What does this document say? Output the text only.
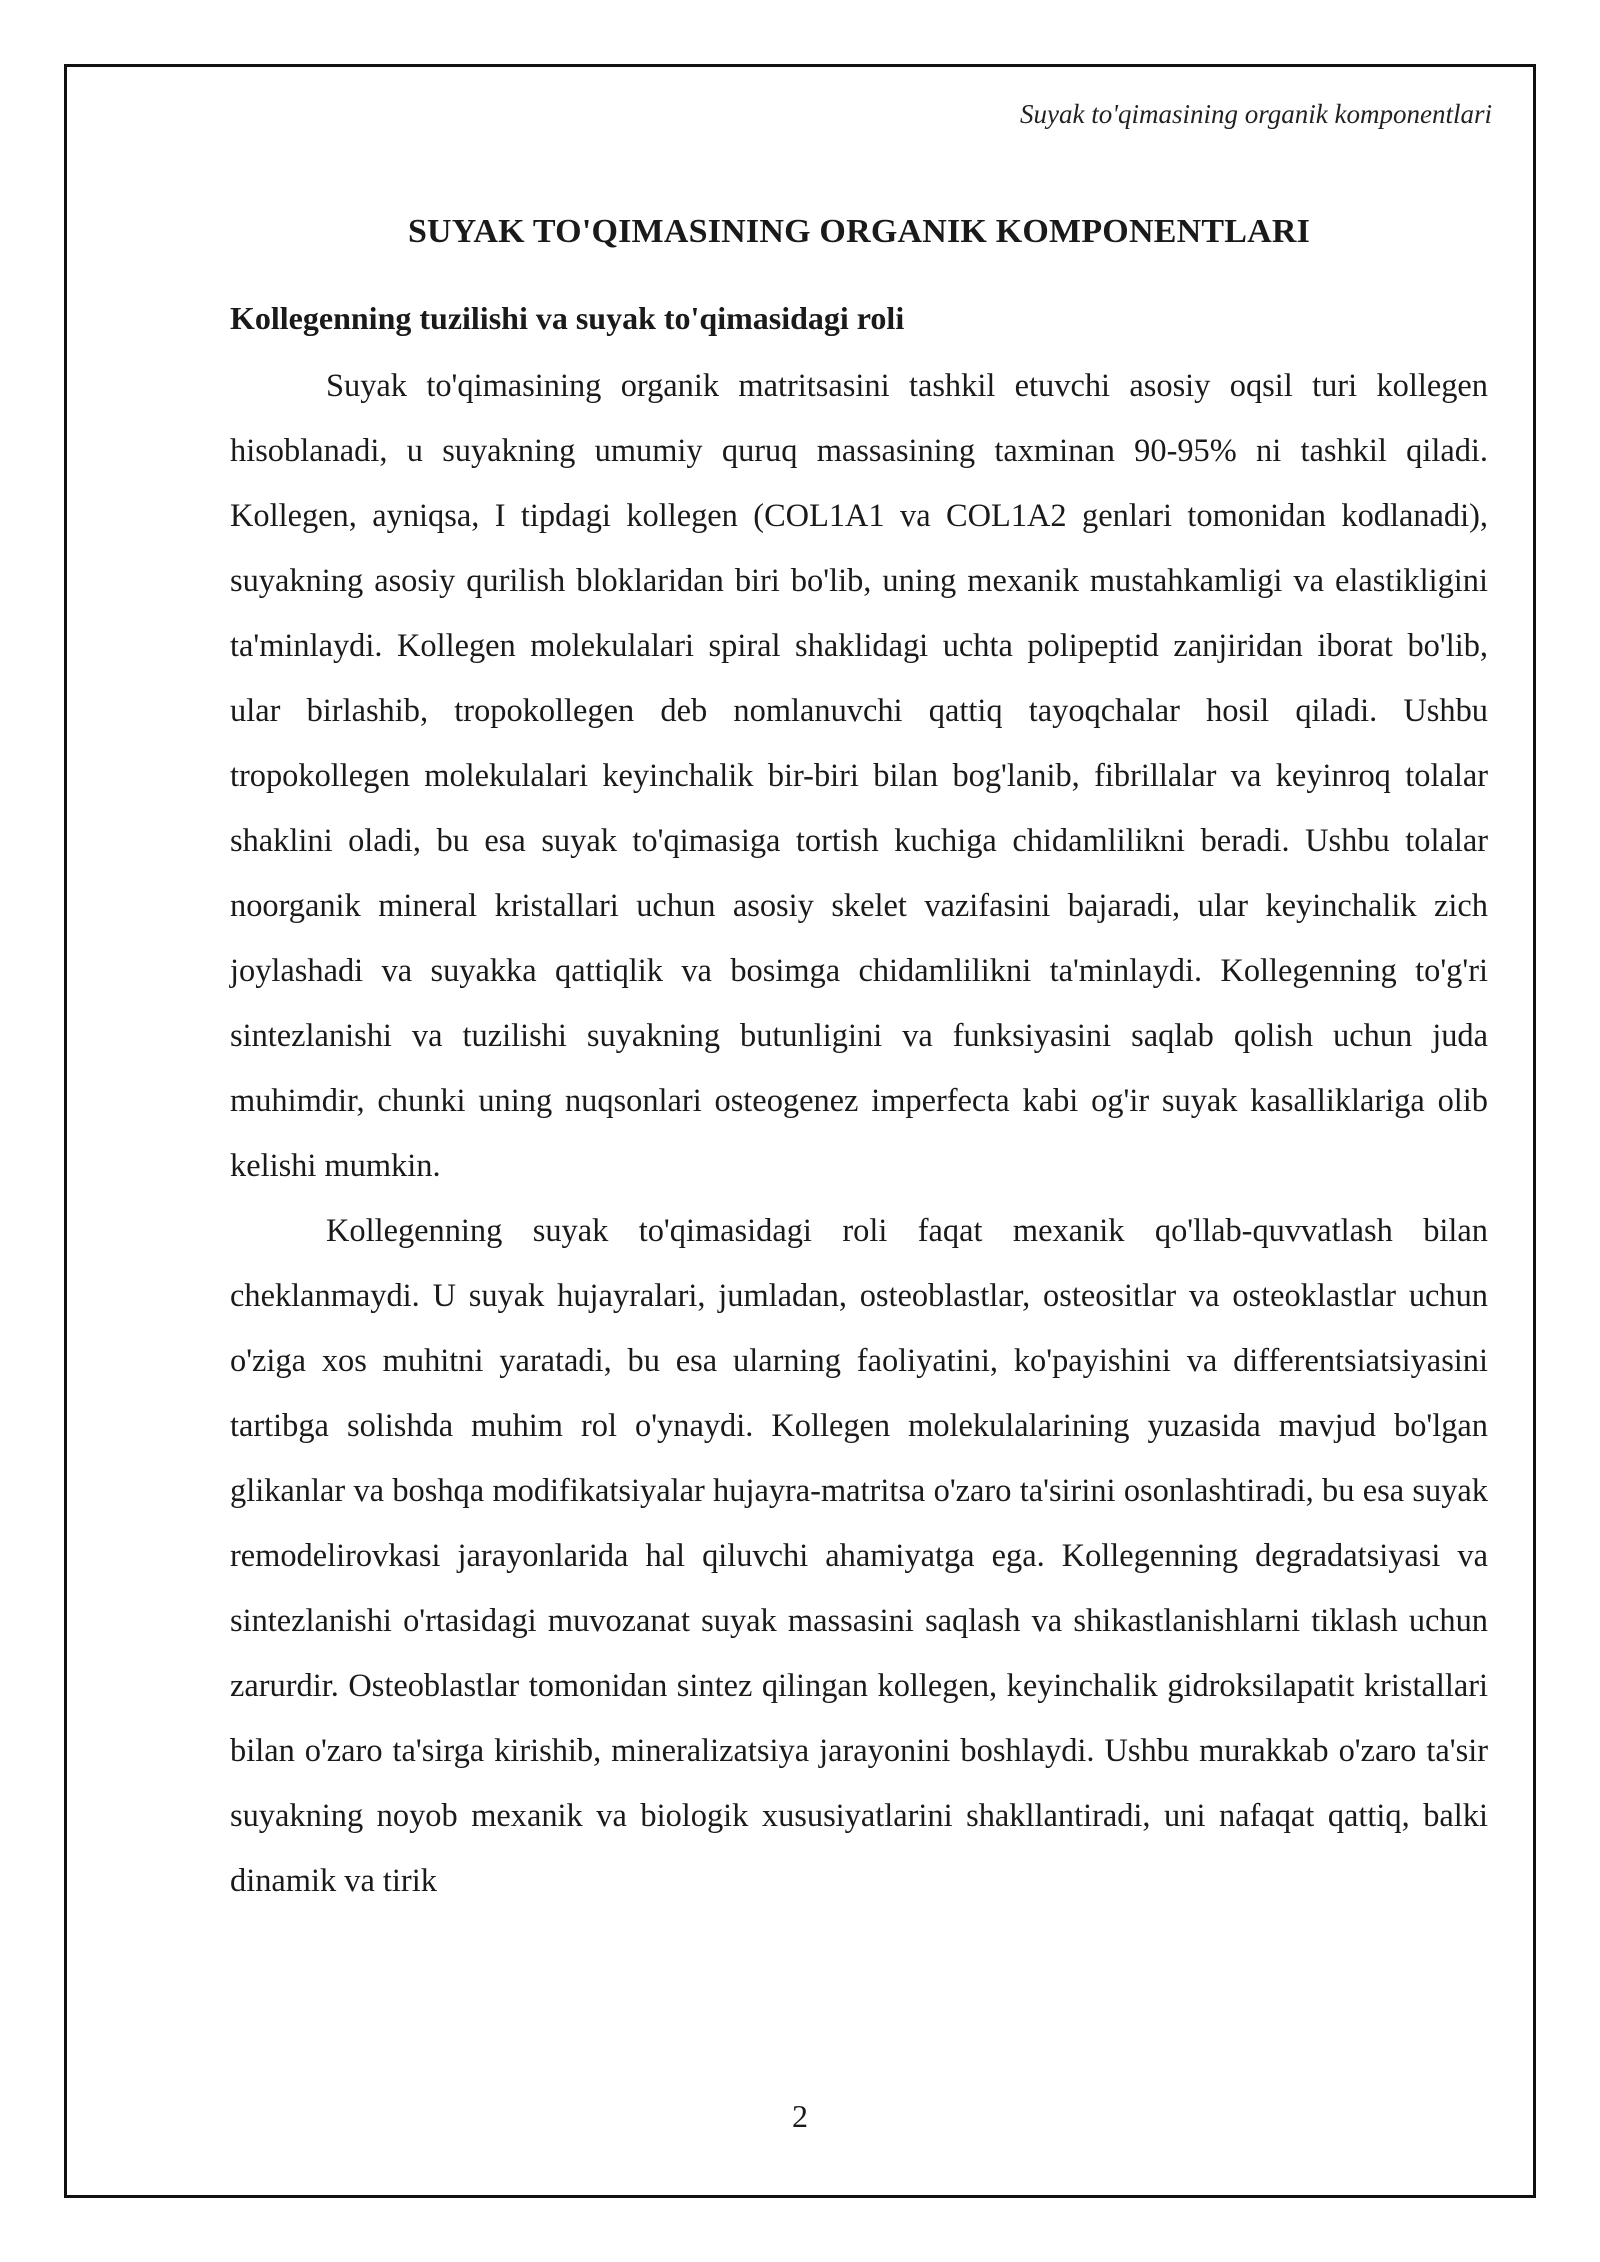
Suyak to'qimasining organik komponentlari
SUYAK TO'QIMASINING ORGANIK KOMPONENTLARI
Kollegenning tuzilishi va suyak to'qimasidagi roli

Suyak to'qimasining organik matritsasini tashkil etuvchi asosiy oqsil turi kollegen hisoblanadi, u suyakning umumiy quruq massasining taxminan 90-95% ni tashkil qiladi. Kollegen, ayniqsa, I tipdagi kollegen (COL1A1 va COL1A2 genlari tomonidan kodlanadi), suyakning asosiy qurilish bloklaridan biri bo'lib, uning mexanik mustahkamligi va elastikligini ta'minlaydi. Kollegen molekulalari spiral shaklidagi uchta polipeptid zanjiridan iborat bo'lib, ular birlashib, tropokollegen deb nomlanuvchi qattiq tayoqchalar hosil qiladi. Ushbu tropokollegen molekulalari keyinchalik bir-biri bilan bog'lanib, fibrillalar va keyinroq tolalar shaklini oladi, bu esa suyak to'qimasiga tortish kuchiga chidamlilikni beradi. Ushbu tolalar noorganik mineral kristallari uchun asosiy skelet vazifasini bajaradi, ular keyinchalik zich joylashadi va suyakka qattiqlik va bosimga chidamlilikni ta'minlaydi. Kollegenning to'g'ri sintezlanishi va tuzilishi suyakning butunligini va funksiyasini saqlab qolish uchun juda muhimdir, chunki uning nuqsonlari osteogenez imperfecta kabi og'ir suyak kasalliklariga olib kelishi mumkin.

Kollegenning suyak to'qimasidagi roli faqat mexanik qo'llab-quvvatlash bilan cheklanmaydi. U suyak hujayralari, jumladan, osteoblastlar, osteositlar va osteoklastlar uchun o'ziga xos muhitni yaratadi, bu esa ularning faoliyatini, ko'payishini va differentsiatsiyasini tartibga solishda muhim rol o'ynaydi. Kollegen molekulalarining yuzasida mavjud bo'lgan glikanlar va boshqa modifikatsiyalar hujayra-matritsa o'zaro ta'sirini osonlashtiradi, bu esa suyak remodelirovkasi jarayonlarida hal qiluvchi ahamiyatga ega. Kollegenning degradatsiyasi va sintezlanishi o'rtasidagi muvozanat suyak massasini saqlash va shikastlanishlarni tiklash uchun zarurdir. Osteoblastlar tomonidan sintez qilingan kollegen, keyinchalik gidroksilapatit kristallari bilan o'zaro ta'sirga kirishib, mineralizatsiya jarayonini boshlaydi. Ushbu murakkab o'zaro ta'sir suyakning noyob mexanik va biologik xususiyatlarini shakllantiradi, uni nafaqat qattiq, balki dinamik va tirik

2
